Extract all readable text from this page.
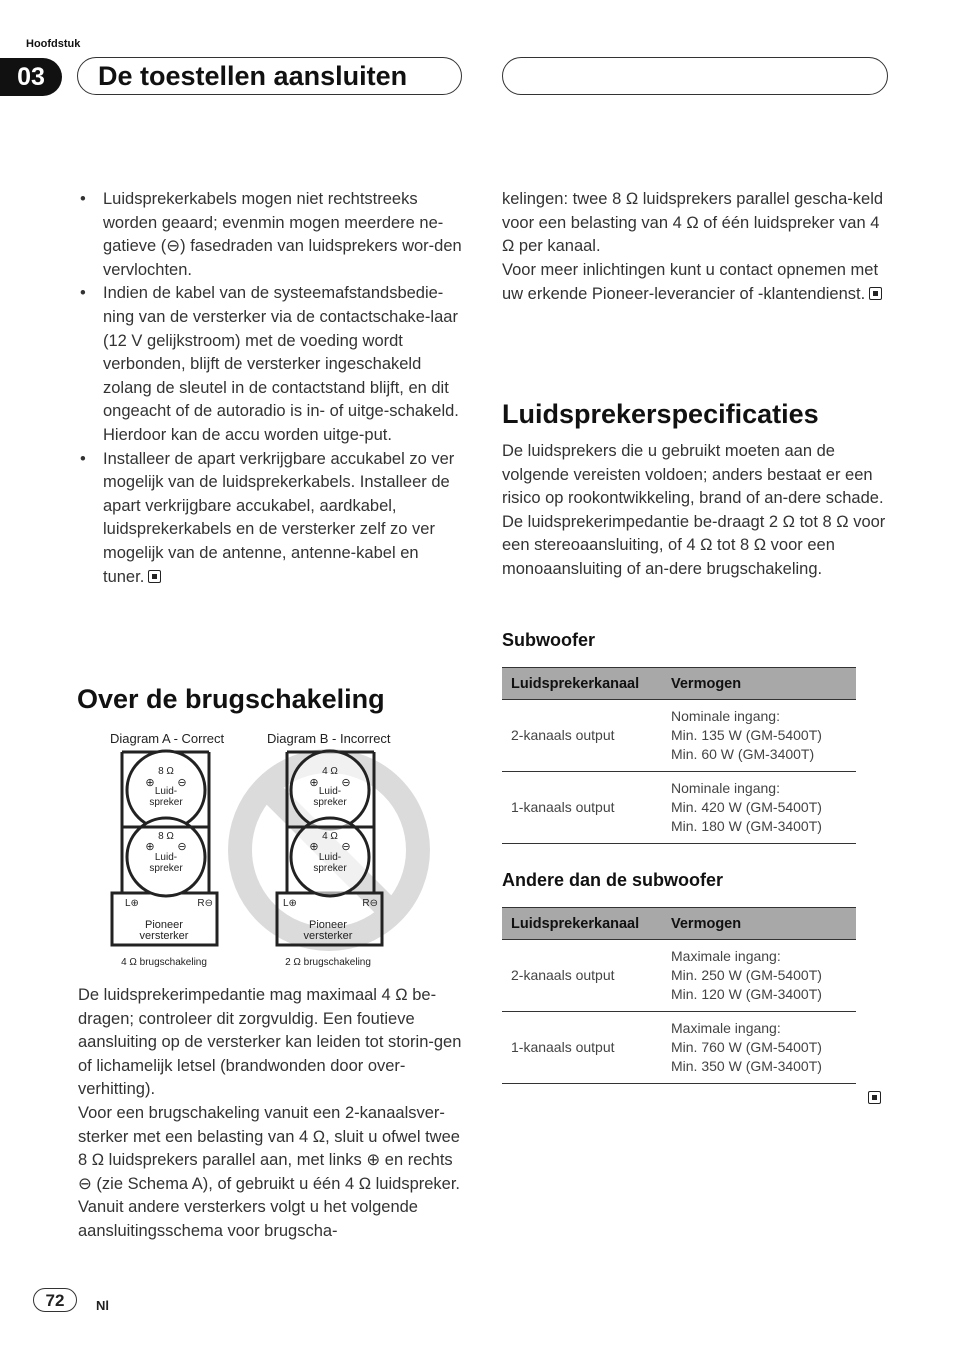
Hoofdstuk
03	De toestellen aansluiten
• Luidsprekerkabels mogen niet rechtstreeks worden geaard; evenmin mogen meerdere ne-gatieve (⊖) fasedraden van luidsprekers wor-den vervlochten.
• Indien de kabel van de systeemafstandsbedie-ning van de versterker via de contactschake-laar (12 V gelijkstroom) met de voeding wordt verbonden, blijft de versterker ingeschakeld zolang de sleutel in de contactstand blijft, en dit ongeacht of de autoradio is in- of uitge-schakeld. Hierdoor kan de accu worden uitge-put.
• Installeer de apart verkrijgbare accukabel zo ver mogelijk van de luidsprekerkabels. Installeer de apart verkrijgbare accukabel, aardkabel, luidsprekerkabels en de versterker zelf zo ver mogelijk van de antenne, antenne-kabel en tuner.
Over de brugschakeling
Diagram A - Correct	Diagram B - Incorrect
8 Ω
⊕ ⊖
Luid-
spreker
8 Ω
⊕ ⊖
Luid-
spreker
L⊕	R⊖
Pioneer
versterker
4 Ω brugschakeling
4 Ω
⊕ ⊖
Luid-
spreker
4 Ω
⊕ ⊖
Luid-
spreker
L⊕	R⊖
Pioneer
versterker
2 Ω brugschakeling
De luidsprekerimpedantie mag maximaal 4 Ω be-dragen; controleer dit zorgvuldig. Een foutieve aansluiting op de versterker kan leiden tot storin-gen of lichamelijk letsel (brandwonden door over-verhitting).
Voor een brugschakeling vanuit een 2-kanaalsver-sterker met een belasting van 4 Ω, sluit u ofwel twee 8 Ω luidsprekers parallel aan, met links ⊕ en rechts ⊖ (zie Schema A), of gebruikt u één 4 Ω luidspreker. Vanuit andere versterkers volgt u het volgende aansluitingsschema voor brugscha-
kelingen: twee 8 Ω luidsprekers parallel gescha-keld voor een belasting van 4 Ω of één luidspreker van 4 Ω per kanaal.
Voor meer inlichtingen kunt u contact opnemen met uw erkende Pioneer-leverancier of -klantendienst.
Luidsprekerspecificaties
De luidsprekers die u gebruikt moeten aan de volgende vereisten voldoen; anders bestaat er een risico op rookontwikkeling, brand of an-dere schade. De luidsprekerimpedantie be-draagt 2 Ω tot 8 Ω voor een stereoaansluiting, of 4 Ω tot 8 Ω voor een monoaansluiting of an-dere brugschakeling.
Subwoofer
Luidsprekerkanaal	Vermogen
2-kanaals output	Nominale ingang:
Min. 135 W (GM-5400T)
Min. 60 W (GM-3400T)

1-kanaals output	Nominale ingang:
Min. 420 W (GM-5400T)
Min. 180 W (GM-3400T)
Andere dan de subwoofer
Luidsprekerkanaal	Vermogen
2-kanaals output	Maximale ingang:
Min. 250 W (GM-5400T)
Min. 120 W (GM-3400T)

1-kanaals output	Maximale ingang:
Min. 760 W (GM-5400T)
Min. 350 W (GM-3400T)
72	Nl
